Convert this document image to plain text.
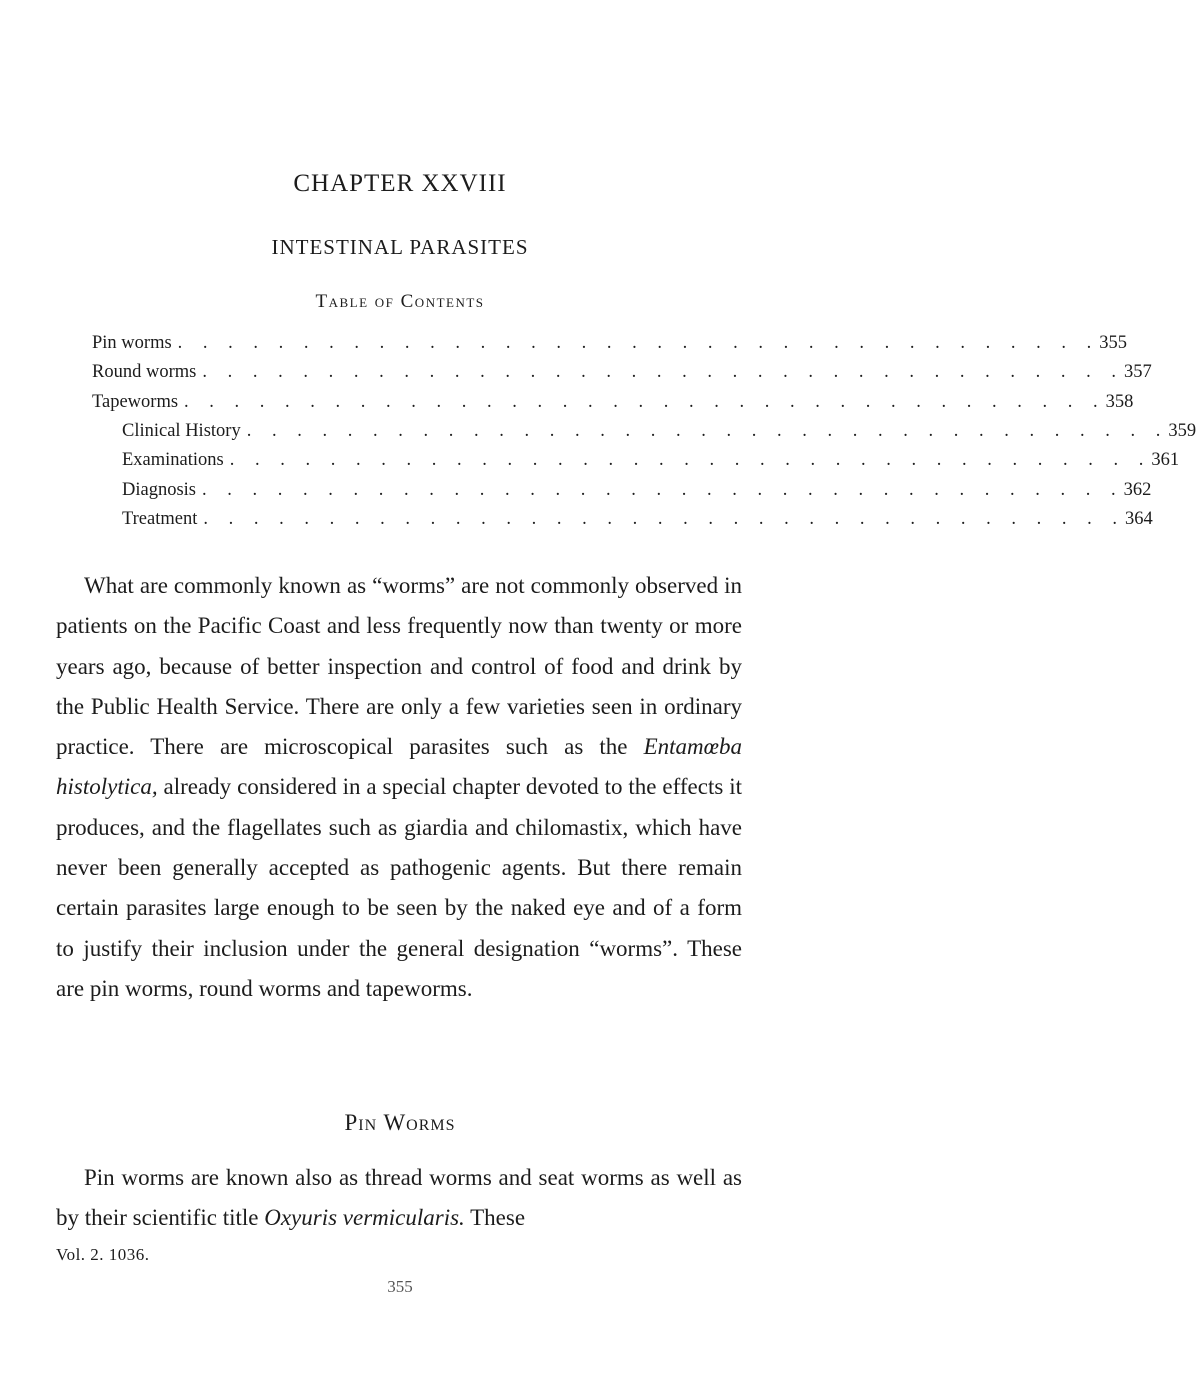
CHAPTER XXVIII
INTESTINAL PARASITES
Table of Contents
Pin worms . . . . . . . . . . . . . . . . . . . . . . . . . . . . . . . . . . . . . 355
Round worms . . . . . . . . . . . . . . . . . . . . . . . . . . . . . . . . . . . . . 357
Tapeworms . . . . . . . . . . . . . . . . . . . . . . . . . . . . . . . . . . . . . 358
Clinical History . . . . . . . . . . . . . . . . . . . . . . . . . . . . . . . . . . . . . 359
Examinations . . . . . . . . . . . . . . . . . . . . . . . . . . . . . . . . . . . . . 361
Diagnosis . . . . . . . . . . . . . . . . . . . . . . . . . . . . . . . . . . . . . 362
Treatment . . . . . . . . . . . . . . . . . . . . . . . . . . . . . . . . . . . . . 364

What are commonly known as “worms” are not commonly observed in patients on the Pacific Coast and less frequently now than twenty or more years ago, because of better inspection and control of food and drink by the Public Health Service. There are only a few varieties seen in ordinary practice. There are microscopical parasites such as the Entamœba histolytica, already considered in a special chapter devoted to the effects it produces, and the flagellates such as giardia and chilomastix, which have never been generally accepted as pathogenic agents. But there remain certain parasites large enough to be seen by the naked eye and of a form to justify their inclusion under the general designation “worms”. These are pin worms, round worms and tapeworms.

Pin Worms

Pin worms are known also as thread worms and seat worms as well as by their scientific title Oxyuris vermicularis. These

Vol. 2. 1036.
355
